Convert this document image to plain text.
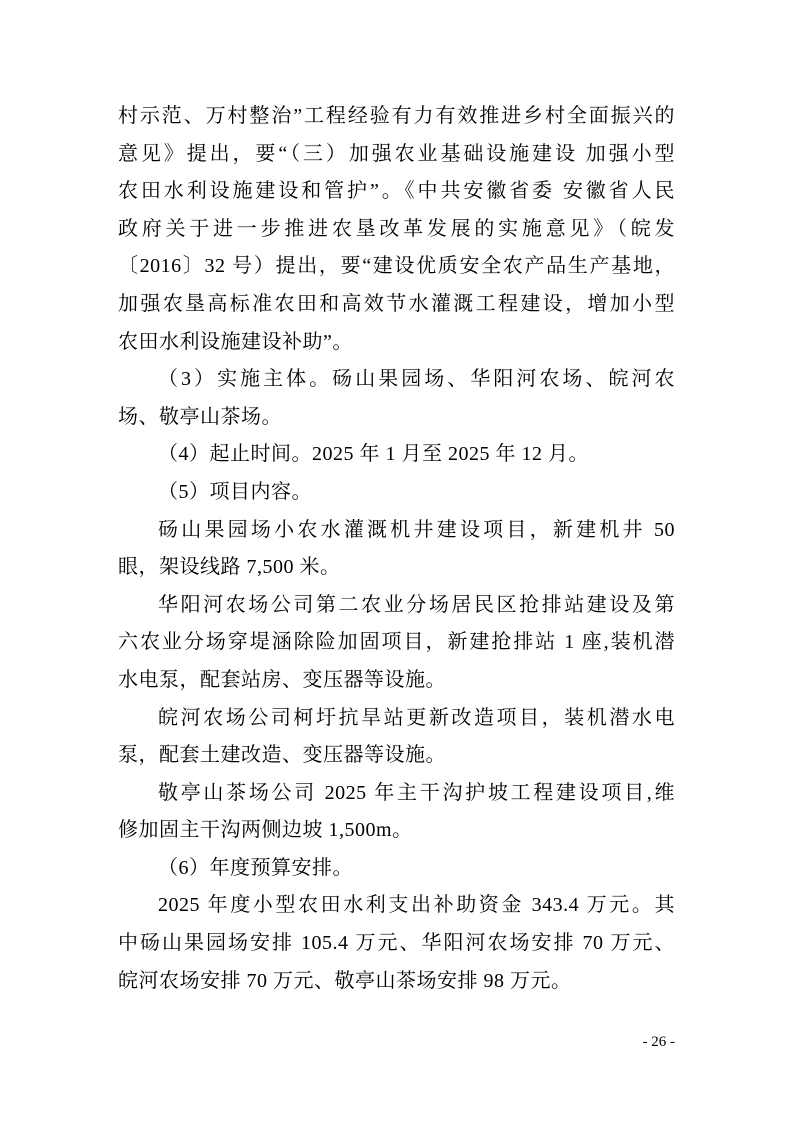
村示范、万村整治”工程经验有力有效推进乡村全面振兴的
意见》提出，要“（三）加强农业基础设施建设 加强小型
农田水利设施建设和管护”。《中共安徽省委 安徽省人民
政府关于进一步推进农垦改革发展的实施意见》（皖发
〔2016〕32 号）提出，要“建设优质安全农产品生产基地，
加强农垦高标准农田和高效节水灌溉工程建设，增加小型
农田水利设施建设补助”。
（3）实施主体。砀山果园场、华阳河农场、皖河农
场、敬亭山茶场。
（4）起止时间。2025 年 1 月至 2025 年 12 月。
（5）项目内容。
砀山果园场小农水灌溉机井建设项目，新建机井 50
眼，架设线路 7,500 米。
华阳河农场公司第二农业分场居民区抢排站建设及第
六农业分场穿堤涵除险加固项目，新建抢排站 1 座,装机潜
水电泵，配套站房、变压器等设施。
皖河农场公司柯圩抗旱站更新改造项目，装机潜水电
泵，配套土建改造、变压器等设施。
敬亭山茶场公司 2025 年主干沟护坡工程建设项目,维
修加固主干沟两侧边坡 1,500m。
（6）年度预算安排。
2025 年度小型农田水利支出补助资金 343.4 万元。其
中砀山果园场安排 105.4 万元、华阳河农场安排 70 万元、
皖河农场安排 70 万元、敬亭山茶场安排 98 万元。
- 26 -
